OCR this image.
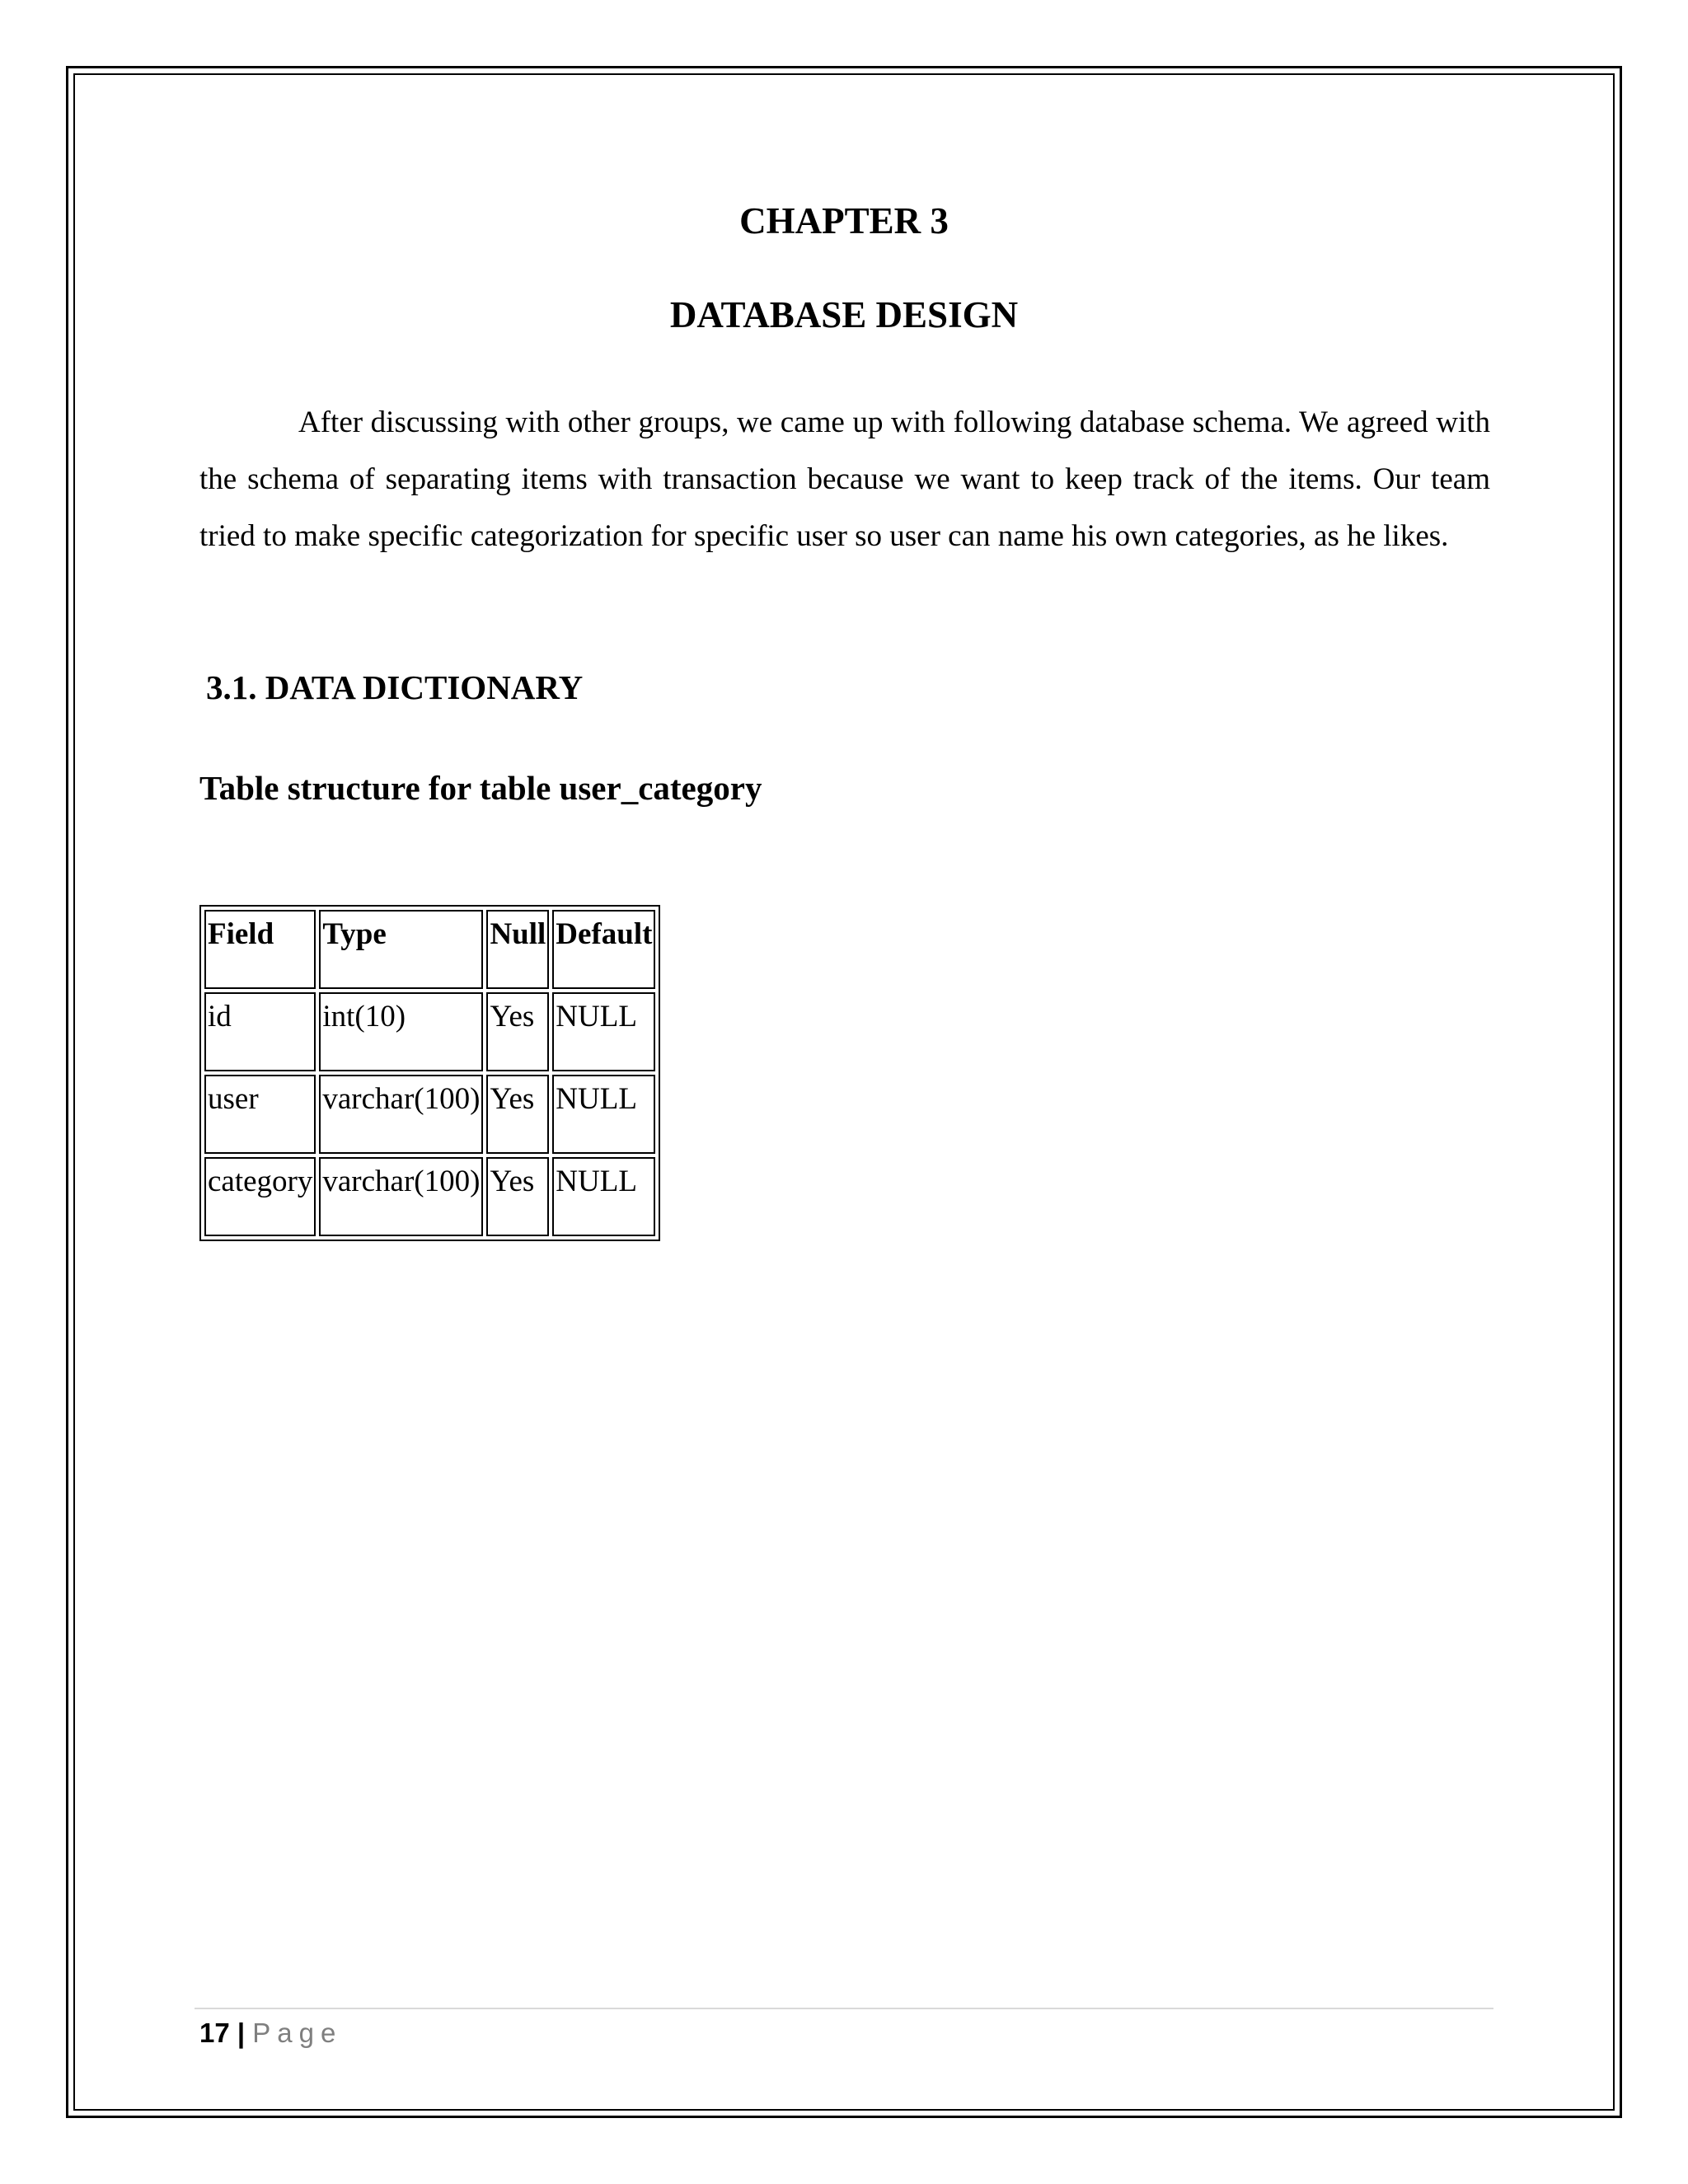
CHAPTER 3
DATABASE DESIGN

After discussing with other groups, we came up with following database schema. We agreed with the schema of separating items with transaction because we want to keep track of the items. Our team tried to make specific categorization for specific user so user can name his own categories, as he likes.

3.1. DATA DICTIONARY
Table structure for table user_category
Field	Type	Null	Default
id	int(10)	Yes	NULL
user	varchar(100)	Yes	NULL
category	varchar(100)	Yes	NULL
17 | Page
